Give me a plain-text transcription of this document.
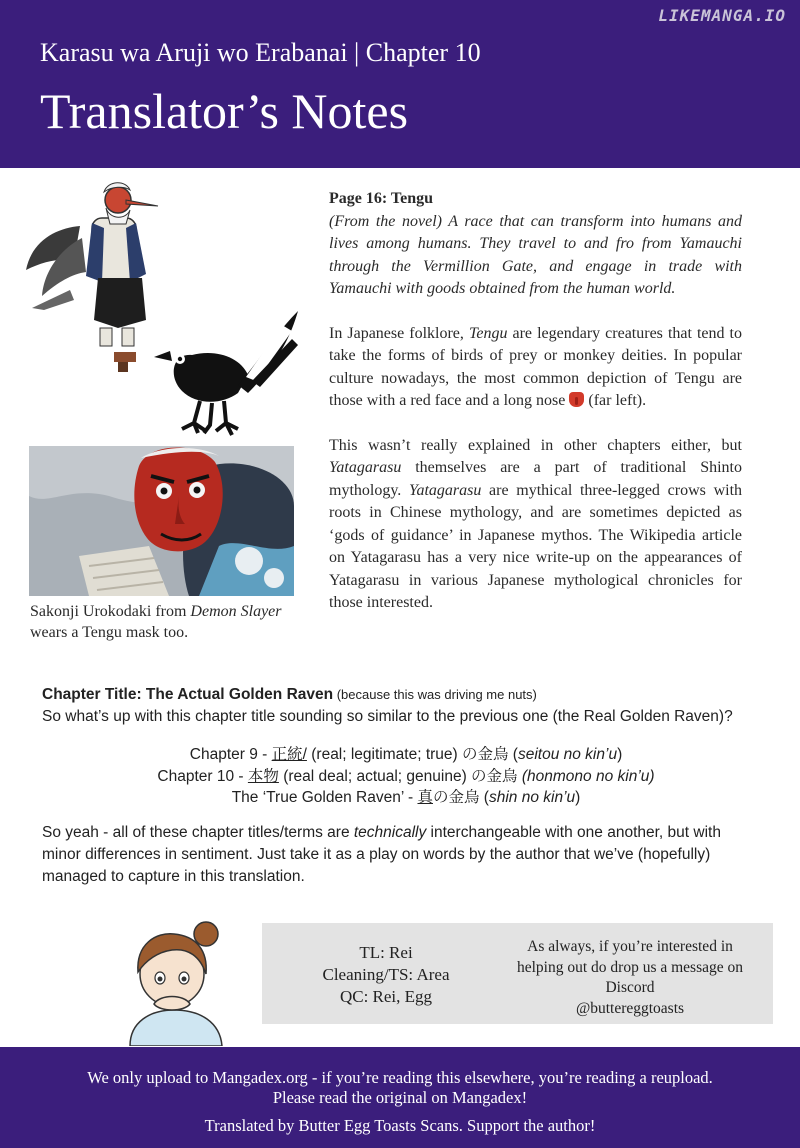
LIKEMANGA.IO
Karasu wa Aruji wo Erabanai | Chapter 10
Translator’s Notes
Sakonji Urokodaki from Demon Slayer wears a Tengu mask too.
Page 16: Tengu

(From the novel) A race that can transform into humans and lives among humans. They travel to and fro from Yamauchi through the Vermillion Gate, and engage in trade with Yamauchi with goods obtained from the human world.

In Japanese folklore, Tengu are legendary creatures that tend to take the forms of birds of prey or monkey deities. In popular culture nowadays, the most common depiction of Tengu are those with a red face and a long nose  (far left).

This wasn’t really explained in other chapters either, but Yatagarasu themselves are a part of traditional Shinto mythology. Yatagarasu are mythical three-legged crows with roots in Chinese mythology, and are sometimes depicted as ‘gods of guidance’ in Japanese mythos. The Wikipedia article on Yatagarasu has a very nice write-up on the appearances of Yatagarasu in various Japanese mythological chronicles for those interested.

Chapter Title: The Actual Golden Raven (because this was driving me nuts)
So what’s up with this chapter title sounding so similar to the previous one (the Real Golden Raven)?
Chapter 9 - 正統/ (real; legitimate; true) の金烏 (seitou no kin’u)
Chapter 10 - 本物 (real deal; actual; genuine) の金烏 (honmono no kin’u)
The ‘True Golden Raven’ - 真の金烏 (shin no kin’u)

So yeah - all of these chapter titles/terms are technically interchangeable with one another, but with minor differences in sentiment. Just take it as a play on words by the author that we’ve (hopefully) managed to capture in this translation.

TL: Rei
Cleaning/TS: Area
QC: Rei, Egg
As always, if you’re interested in helping out do drop us a message on Discord
@buttereggtoasts
We only upload to Mangadex.org - if you’re reading this elsewhere, you’re reading a reupload.
Please read the original on Mangadex!
Translated by Butter Egg Toasts Scans. Support the author!
